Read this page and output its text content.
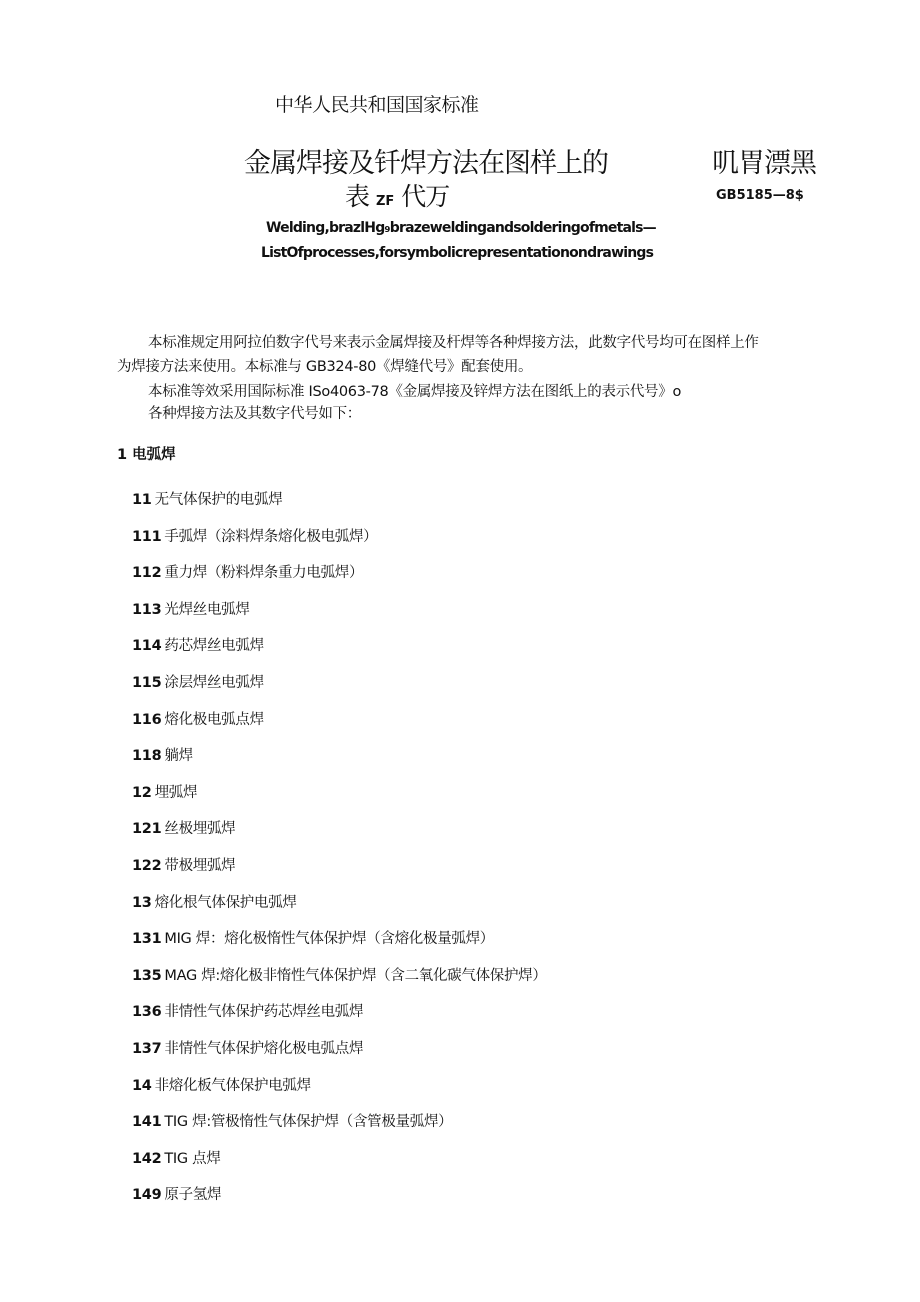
中华人民共和国国家标准
金属焊接及钎焊方法在图样上的
表 ZF 代万
叽胃漂黑
GB5185—8$
Welding,brazlHg₉brazeweldingandsolderingofmetals—
ListOfprocesses,forsymbolicrepresentationondrawings
本标准规定用阿拉伯数字代号来表示金属焊接及杆焊等各种焊接方法，此数字代号均可在图样上作
为焊接方法来使用。本标准与 GB324-80《焊缝代号》配套使用。
本标准等效采用国际标准 ISo4063-78《金属焊接及锌焊方法在图纸上的表示代号》o
各种焊接方法及其数字代号如下：
1 电弧焊
11 无气体保护的电弧焊
111 手弧焊（涂料焊条熔化极电弧焊）
112 重力焊（粉料焊条重力电弧焊）
113 光焊丝电弧焊
114 药芯焊丝电弧焊
115 涂层焊丝电弧焊
116 熔化极电弧点焊
118 躺焊
12 埋弧焊
121 丝极埋弧焊
122 带极埋弧焊
13 熔化根气体保护电弧焊
131 MIG 焊：熔化极惰性气体保护焊（含熔化极量弧焊）
135 MAG 焊:熔化极非惰性气体保护焊（含二氧化碳气体保护焊）
136 非情性气体保护药芯焊丝电弧焊
137 非情性气体保护熔化极电弧点焊
14 非熔化板气体保护电弧焊
141 TIG 焊:管极惰性气体保护焊（含管极量弧焊）
142 TIG 点焊
149 原子氢焊
